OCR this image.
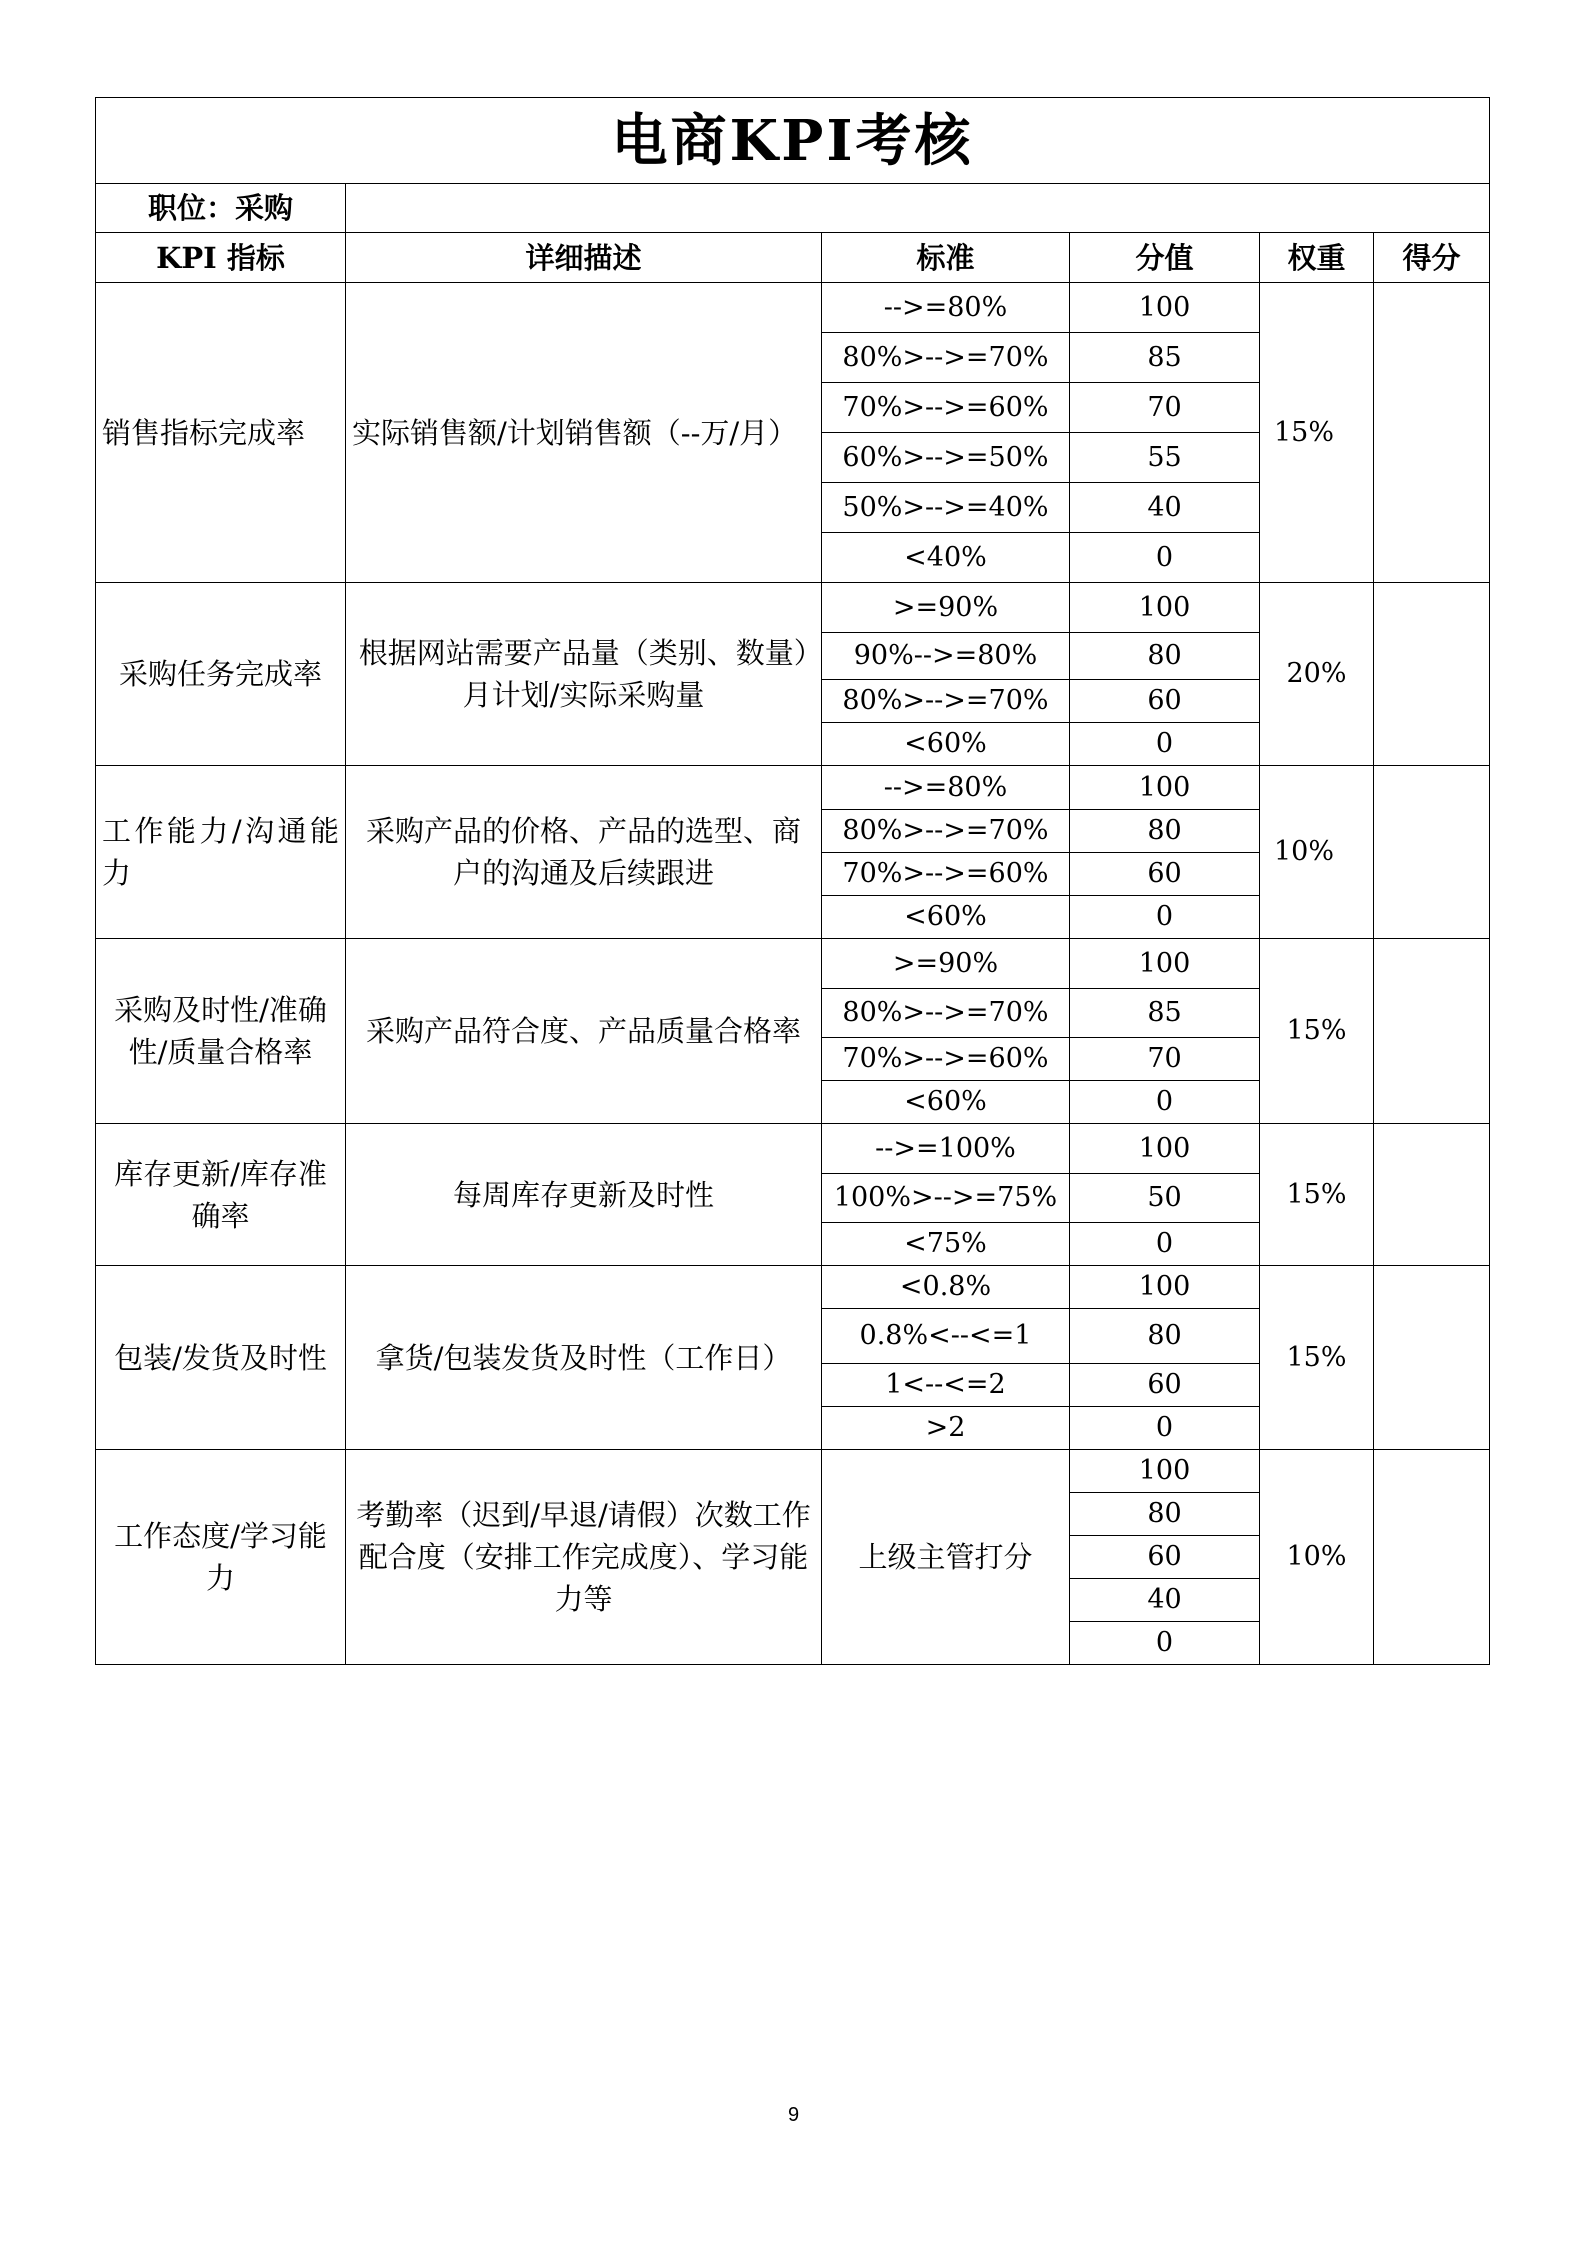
电商KPI考核					
职位：采购					
KPI 指标	详细描述	标准	分值	权重	得分
销售指标完成率	实际销售额/计划销售额（--万/月）	-->=80%	100	15%	
		80%>-->=70%	85		
		70%>-->=60%	70		
		60%>-->=50%	55		
		50%>-->=40%	40		
		<40%	0		
采购任务完成率	根据网站需要产品量（类别、数量）月计划/实际采购量	>=90%	100	20%	
		90%-->=80%	80		
		80%>-->=70%	60		
		<60%	0		
工作能力/沟通能力	采购产品的价格、产品的选型、商户的沟通及后续跟进	-->=80%	100	10%	
		80%>-->=70%	80		
		70%>-->=60%	60		
		<60%	0		
采购及时性/准确性/质量合格率	采购产品符合度、产品质量合格率	>=90%	100	15%	
		80%>-->=70%	85		
		70%>-->=60%	70		
		<60%	0		
库存更新/库存准确率	每周库存更新及时性	-->=100%	100	15%	
		100%>-->=75%	50		
		<75%	0		
包装/发货及时性	拿货/包装发货及时性（工作日）	<0.8%	100	15%	
		0.8%<--<=1	80		
		1<--<=2	60		
		>2	0		
工作态度/学习能力	考勤率（迟到/早退/请假）次数工作配合度（安排工作完成度）、学习能力等	上级主管打分	100	10%	
			80		
			60		
			40		
			0		
9
